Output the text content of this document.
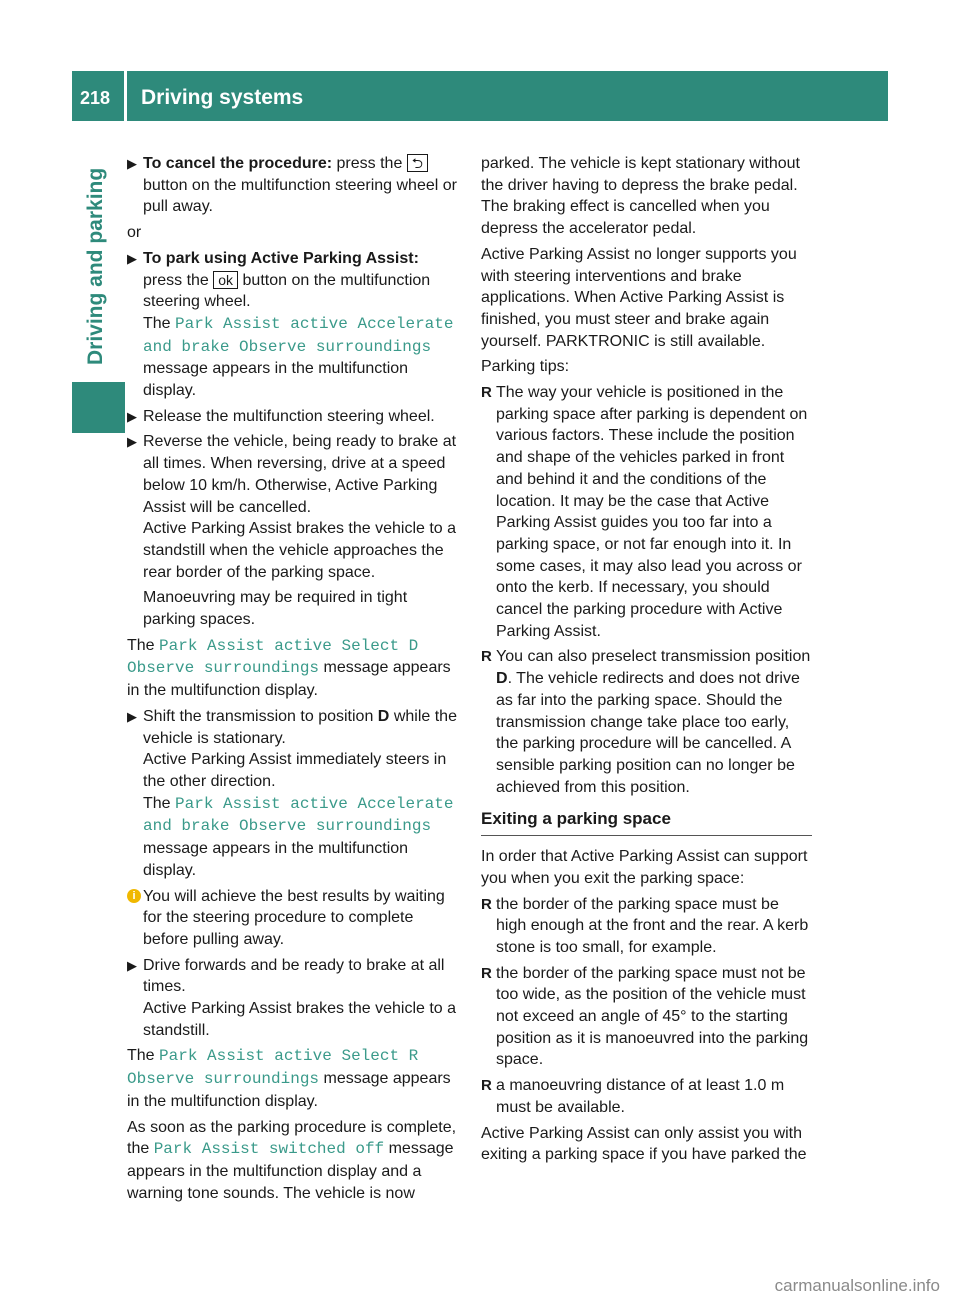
218	Driving systems
Driving and parking
▶ To cancel the procedure: press the ⮌ button on the multifunction steering wheel or pull away.

or

▶ To park using Active Parking Assist:
press the ok button on the multifunction steering wheel.
The Park Assist active Accelerate and brake Observe surroundings message appears in the multifunction display.
▶ Release the multifunction steering wheel.
▶ Reverse the vehicle, being ready to brake at all times. When reversing, drive at a speed below 10 km/h. Otherwise, Active Parking Assist will be cancelled.
Active Parking Assist brakes the vehicle to a standstill when the vehicle approaches the rear border of the parking space.
Manoeuvring may be required in tight parking spaces.

The Park Assist active Select D Observe surroundings message appears in the multifunction display.

▶ Shift the transmission to position D while the vehicle is stationary.
Active Parking Assist immediately steers in the other direction.
The Park Assist active Accelerate and brake Observe surroundings message appears in the multifunction display.
i You will achieve the best results by waiting for the steering procedure to complete before pulling away.
▶ Drive forwards and be ready to brake at all times.
Active Parking Assist brakes the vehicle to a standstill.

The Park Assist active Select R Observe surroundings message appears in the multifunction display.

As soon as the parking procedure is complete, the Park Assist switched off message appears in the multifunction display and a warning tone sounds. The vehicle is now

parked. The vehicle is kept stationary without the driver having to depress the brake pedal. The braking effect is cancelled when you depress the accelerator pedal.

Active Parking Assist no longer supports you with steering interventions and brake applications. When Active Parking Assist is finished, you must steer and brake again yourself. PARKTRONIC is still available.

Parking tips:

R The way your vehicle is positioned in the parking space after parking is dependent on various factors. These include the position and shape of the vehicles parked in front and behind it and the conditions of the location. It may be the case that Active Parking Assist guides you too far into a parking space, or not far enough into it. In some cases, it may also lead you across or onto the kerb. If necessary, you should cancel the parking procedure with Active Parking Assist.
R You can also preselect transmission position D. The vehicle redirects and does not drive as far into the parking space. Should the transmission change take place too early, the parking procedure will be cancelled. A sensible parking position can no longer be achieved from this position.
Exiting a parking space

In order that Active Parking Assist can support you when you exit the parking space:

R the border of the parking space must be high enough at the front and the rear. A kerb stone is too small, for example.
R the border of the parking space must not be too wide, as the position of the vehicle must not exceed an angle of 45° to the starting position as it is manoeuvred into the parking space.
R a manoeuvring distance of at least 1.0 m must be available.

Active Parking Assist can only assist you with exiting a parking space if you have parked the

carmanualsonline.info
